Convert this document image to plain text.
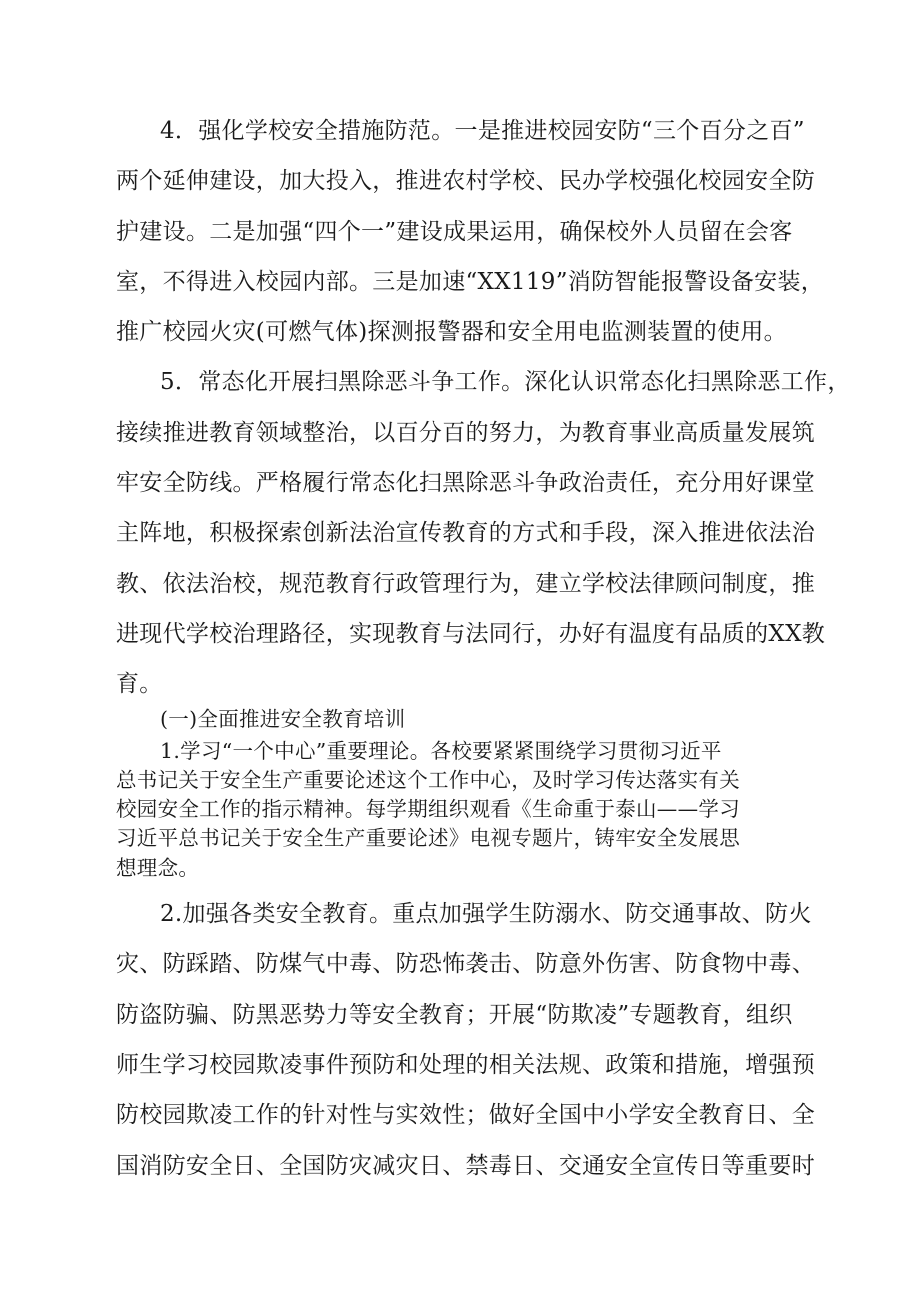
4．强化学校安全措施防范。一是推进校园安防“三个百分之百”

两个延伸建设，加大投入，推进农村学校、民办学校强化校园安全防

护建设。二是加强“四个一”建设成果运用，确保校外人员留在会客

室，不得进入校园内部。三是加速“XX119”消防智能报警设备安装，

推广校园火灾(可燃气体)探测报警器和安全用电监测装置的使用。

5．常态化开展扫黑除恶斗争工作。深化认识常态化扫黑除恶工作，

接续推进教育领域整治，以百分百的努力，为教育事业高质量发展筑

牢安全防线。严格履行常态化扫黑除恶斗争政治责任，充分用好课堂

主阵地，积极探索创新法治宣传教育的方式和手段，深入推进依法治

教、依法治校，规范教育行政管理行为，建立学校法律顾问制度，推

进现代学校治理路径，实现教育与法同行，办好有温度有品质的XX教

育。

(一)全面推进安全教育培训

1.学习“一个中心”重要理论。各校要紧紧围绕学习贯彻习近平

总书记关于安全生产重要论述这个工作中心，及时学习传达落实有关

校园安全工作的指示精神。每学期组织观看《生命重于泰山——学习

习近平总书记关于安全生产重要论述》电视专题片，铸牢安全发展思

想理念。

2.加强各类安全教育。重点加强学生防溺水、防交通事故、防火

灾、防踩踏、防煤气中毒、防恐怖袭击、防意外伤害、防食物中毒、

防盗防骗、防黑恶势力等安全教育；开展“防欺凌”专题教育，组织

师生学习校园欺凌事件预防和处理的相关法规、政策和措施，增强预

防校园欺凌工作的针对性与实效性；做好全国中小学安全教育日、全

国消防安全日、全国防灾减灾日、禁毒日、交通安全宣传日等重要时
